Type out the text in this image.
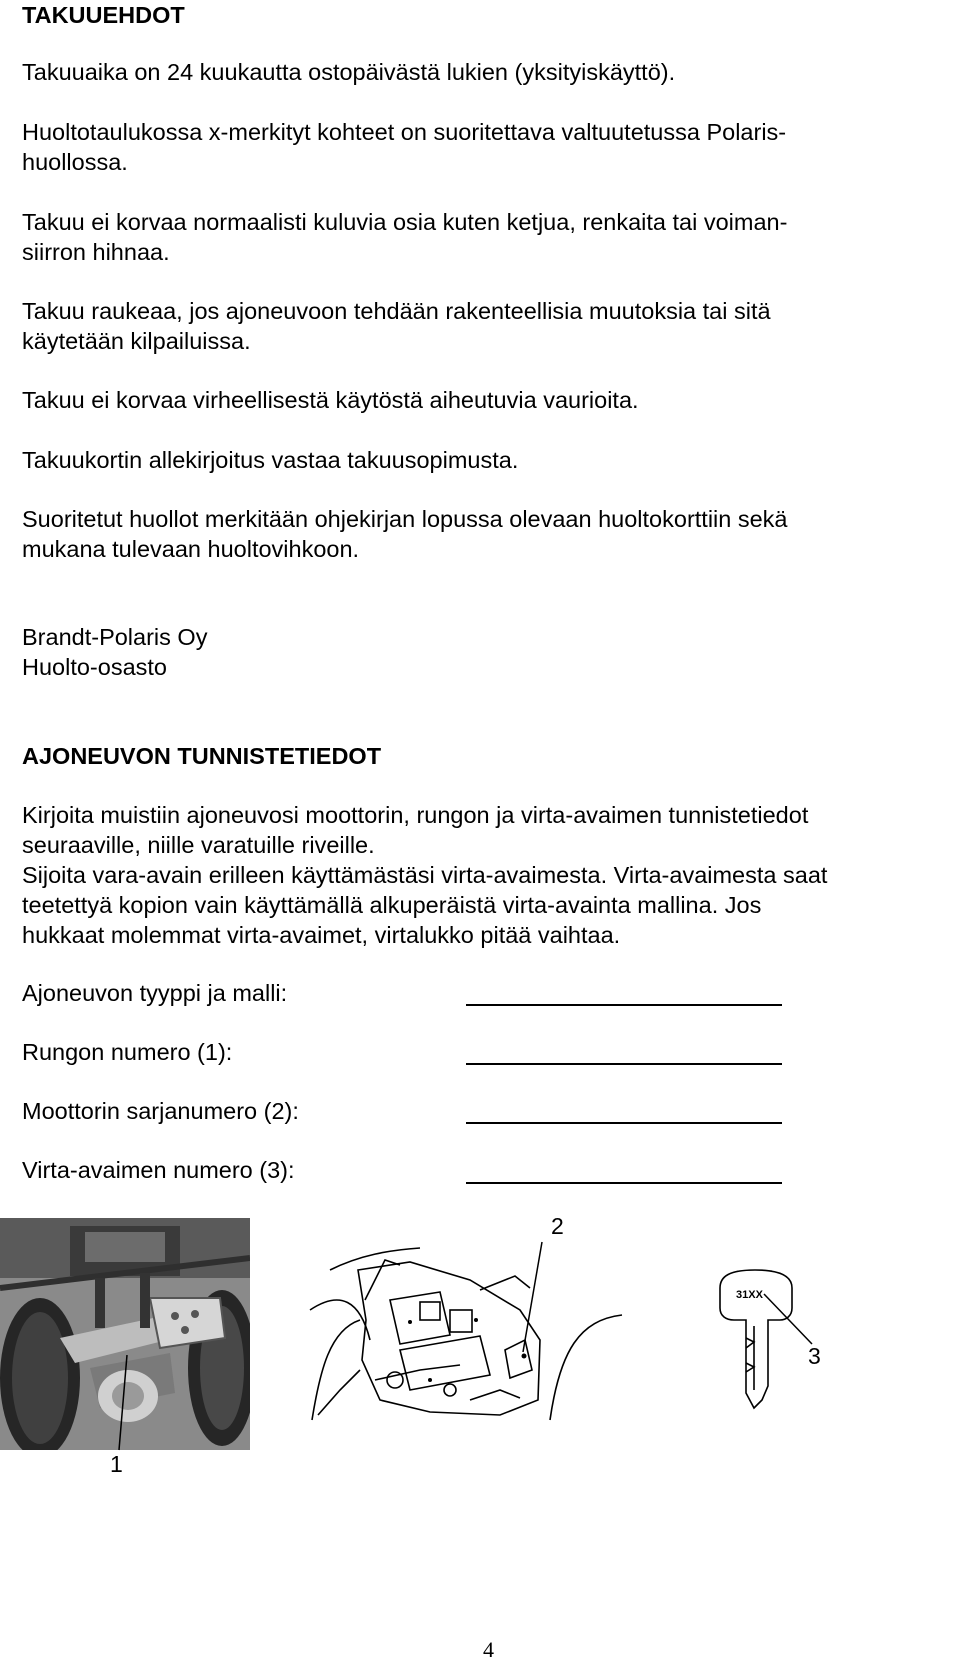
TAKUUEHDOT
Takuuaika on 24 kuukautta ostopäivästä lukien (yksityiskäyttö).
Huoltotaulukossa x-merkityt kohteet on suoritettava valtuutetussa Polaris-
huollossa.
Takuu ei korvaa normaalisti kuluvia osia kuten ketjua, renkaita tai voiman-
siirron hihnaa.
Takuu raukeaa, jos ajoneuvoon tehdään rakenteellisia muutoksia tai sitä
käytetään kilpailuissa.
Takuu ei korvaa virheellisestä käytöstä aiheutuvia vaurioita.
Takuukortin allekirjoitus vastaa takuusopimusta.
Suoritetut huollot merkitään ohjekirjan lopussa olevaan huoltokorttiin sekä
mukana tulevaan huoltovihkoon.
Brandt-Polaris Oy
Huolto-osasto
AJONEUVON TUNNISTETIEDOT
Kirjoita muistiin ajoneuvosi moottorin, rungon ja virta-avaimen tunnistetiedot
seuraaville, niille varatuille riveille.
Sijoita vara-avain erilleen käyttämästäsi virta-avaimesta. Virta-avaimesta saat
teetettyä kopion vain käyttämällä alkuperäistä virta-avainta mallina. Jos
hukkaat molemmat virta-avaimet, virtalukko pitää vaihtaa.
Ajoneuvon tyyppi ja malli:
Rungon numero (1):
Moottorin sarjanumero (2):
Virta-avaimen numero (3):
1
2
31XX
3
4
